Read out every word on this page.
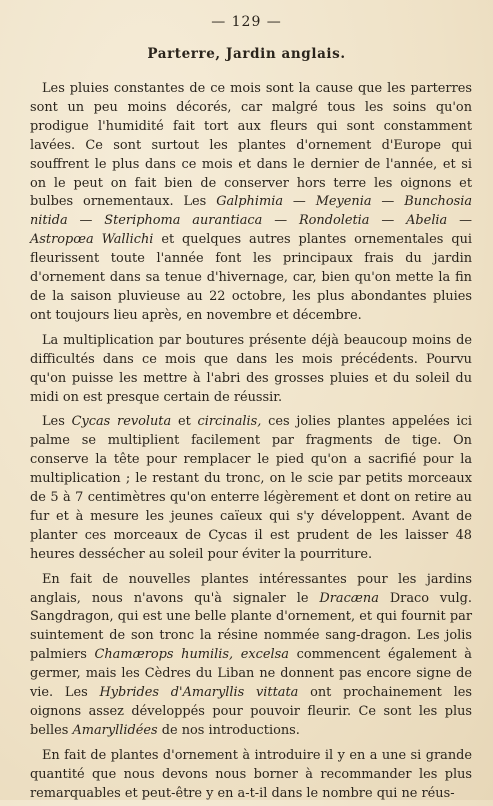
— 129 —
Parterre, Jardin anglais.

Les pluies constantes de ce mois sont la cause que les parterres sont un peu moins décorés, car malgré tous les soins qu'on prodigue l'humidité fait tort aux fleurs qui sont constamment lavées. Ce sont surtout les plantes d'ornement d'Europe qui souffrent le plus dans ce mois et dans le dernier de l'année, et si on le peut on fait bien de conserver hors terre les oignons et bulbes ornementaux. Les Galphimia — Meyenia — Bunchosia nitida — Steriphoma aurantiaca — Rondoletia — Abelia — Astropœa Wallichi et quelques autres plantes ornementales qui fleurissent toute l'année font les principaux frais du jardin d'ornement dans sa tenue d'hivernage, car, bien qu'on mette la fin de la saison pluvieuse au 22 octobre, les plus abondantes pluies ont toujours lieu après, en novembre et décembre.

La multiplication par boutures présente déjà beaucoup moins de difficultés dans ce mois que dans les mois précédents. Pourvu qu'on puisse les mettre à l'abri des grosses pluies et du soleil du midi on est presque certain de réussir.

Les Cycas revoluta et circinalis, ces jolies plantes appelées ici palme se multiplient facilement par fragments de tige. On conserve la tête pour remplacer le pied qu'on a sacrifié pour la multiplication ; le restant du tronc, on le scie par petits morceaux de 5 à 7 centimètres qu'on enterre légèrement et dont on retire au fur et à mesure les jeunes caïeux qui s'y développent. Avant de planter ces morceaux de Cycas il est prudent de les laisser 48 heures dessécher au soleil pour éviter la pourriture.

En fait de nouvelles plantes intéressantes pour les jardins anglais, nous n'avons qu'à signaler le Dracæna Draco vulg. Sangdragon, qui est une belle plante d'ornement, et qui fournit par suintement de son tronc la résine nommée sang-dragon. Les jolis palmiers Chamærops humilis, excelsa commencent également à germer, mais les Cèdres du Liban ne donnent pas encore signe de vie. Les Hybrides d'Amaryllis vittata ont prochainement les oignons assez développés pour pouvoir fleurir. Ce sont les plus belles Amaryllidées de nos introductions.

En fait de plantes d'ornement à introduire il y en a une si grande quantité que nous devons nous borner à recommander les plus remarquables et peut-être y en a-t-il dans le nombre qui ne réus-
